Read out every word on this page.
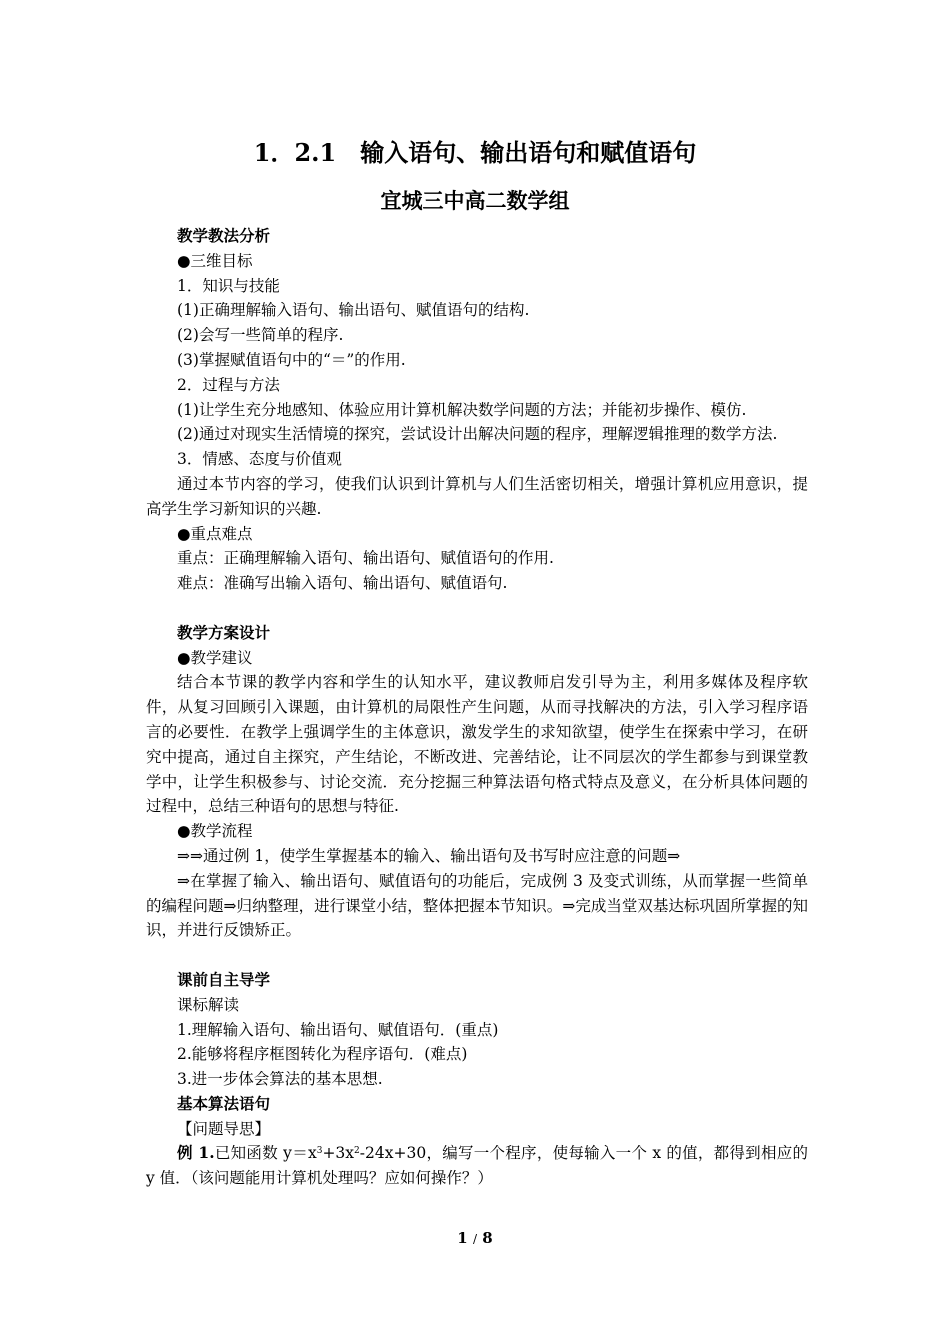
1．2.1　输入语句、输出语句和赋值语句
宜城三中高二数学组

教学教法分析

●三维目标

1．知识与技能

(1)正确理解输入语句、输出语句、赋值语句的结构.

(2)会写一些简单的程序.

(3)掌握赋值语句中的“＝”的作用.

2．过程与方法

(1)让学生充分地感知、体验应用计算机解决数学问题的方法；并能初步操作、模仿.

(2)通过对现实生活情境的探究，尝试设计出解决问题的程序，理解逻辑推理的数学方法.

3．情感、态度与价值观

通过本节内容的学习，使我们认识到计算机与人们生活密切相关，增强计算机应用意识，提高学生学习新知识的兴趣.

●重点难点

重点：正确理解输入语句、输出语句、赋值语句的作用.

难点：准确写出输入语句、输出语句、赋值语句.

教学方案设计

●教学建议

结合本节课的教学内容和学生的认知水平，建议教师启发引导为主，利用多媒体及程序软件，从复习回顾引入课题，由计算机的局限性产生问题，从而寻找解决的方法，引入学习程序语言的必要性．在教学上强调学生的主体意识，激发学生的求知欲望，使学生在探索中学习，在研究中提高，通过自主探究，产生结论，不断改进、完善结论，让不同层次的学生都参与到课堂教学中，让学生积极参与、讨论交流．充分挖掘三种算法语句格式特点及意义，在分析具体问题的过程中，总结三种语句的思想与特征.

●教学流程

⇒⇒通过例 1，使学生掌握基本的输入、输出语句及书写时应注意的问题⇒

⇒在掌握了输入、输出语句、赋值语句的功能后，完成例 3 及变式训练，从而掌握一些简单的编程问题⇒归纳整理，进行课堂小结，整体把握本节知识。⇒完成当堂双基达标巩固所掌握的知识，并进行反馈矫正。

课前自主导学

课标解读

1.理解输入语句、输出语句、赋值语句．(重点)

2.能够将程序框图转化为程序语句．(难点)

3.进一步体会算法的基本思想.

基本算法语句

【问题导思】

例 1.已知函数 $y=x^3+3x^2-24x+30$，编写一个程序，使每输入一个 x 的值，都得到相应的 y 值．（该问题能用计算机处理吗？应如何操作？）

1 / 8
